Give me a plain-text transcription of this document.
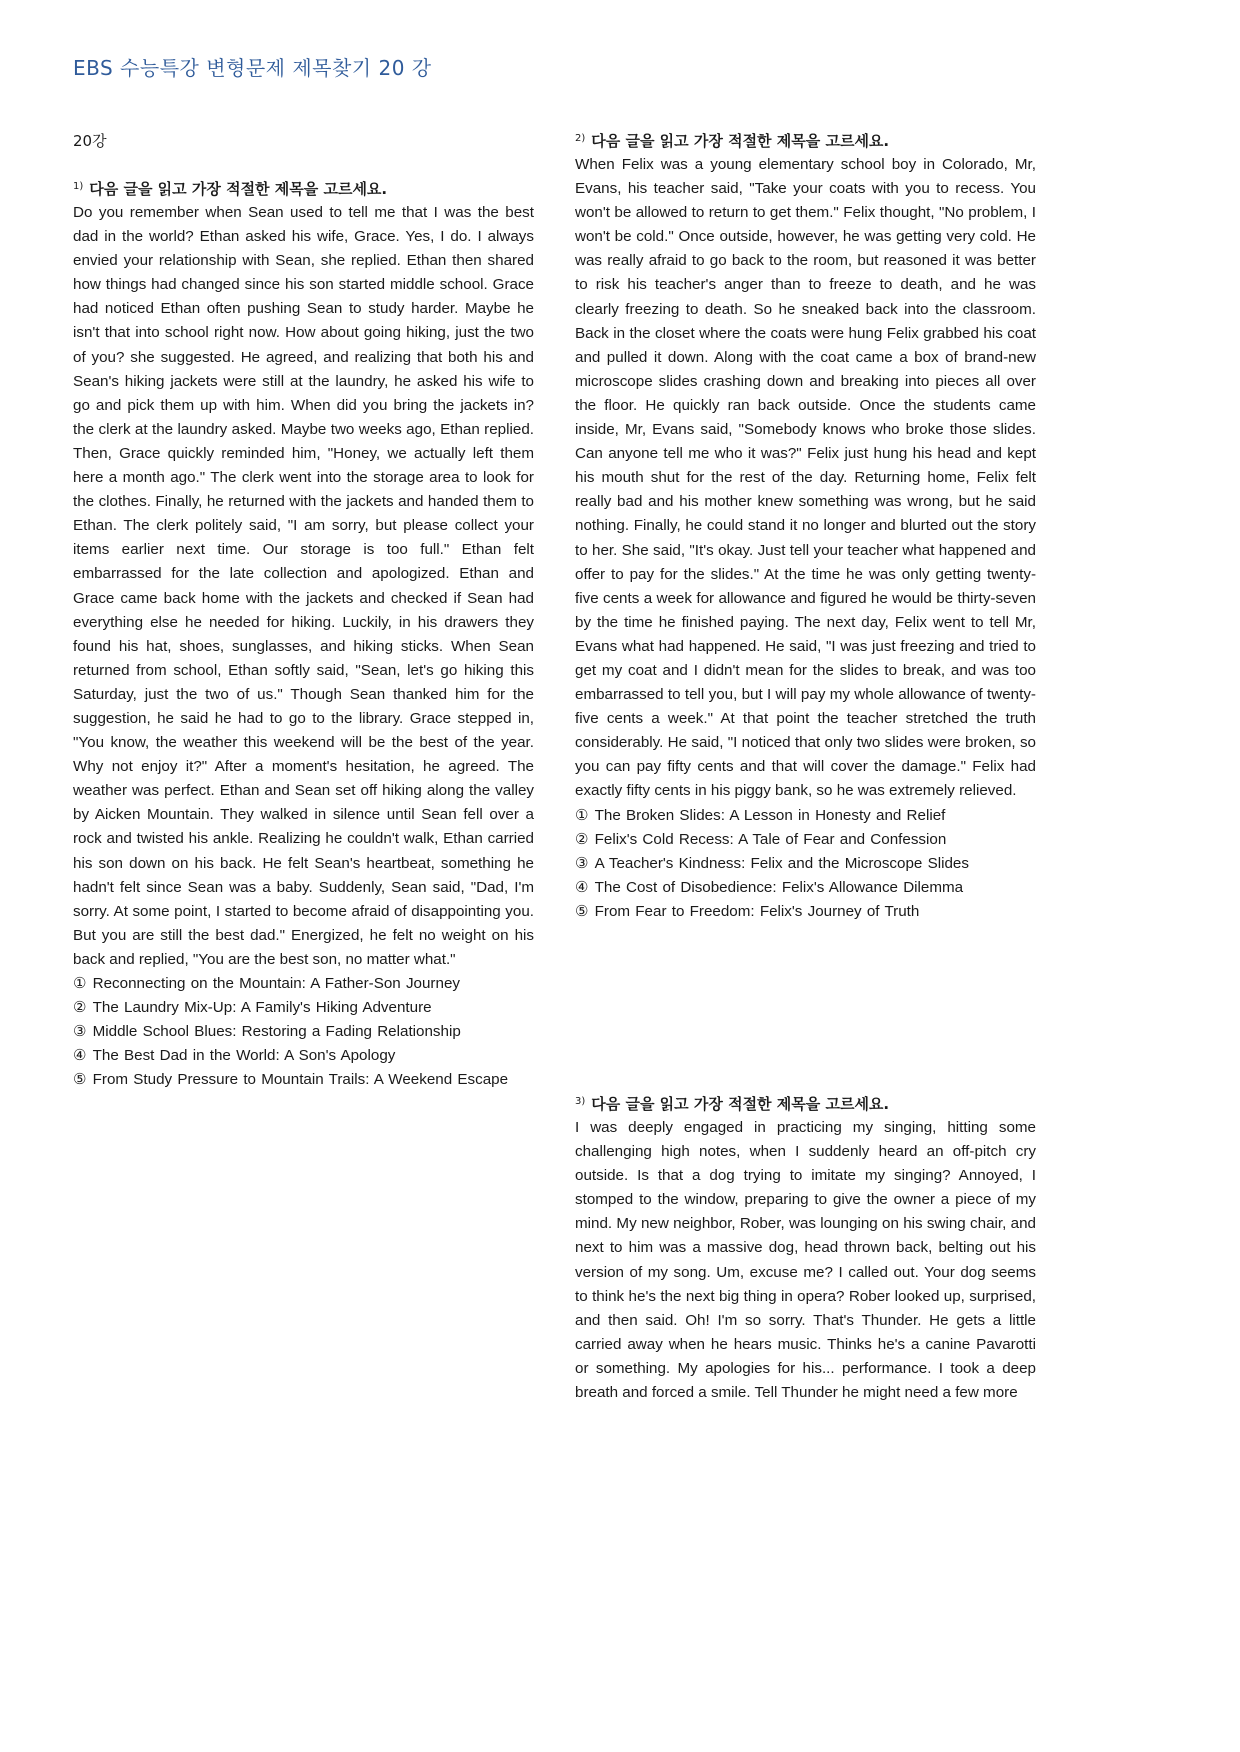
EBS 수능특강 변형문제 제목찾기 20 강
20강
$^{1)}$ 다음 글을 읽고 가장 적절한 제목을 고르세요.

Do you remember when Sean used to tell me that I was the best dad in the world? Ethan asked his wife, Grace. Yes, I do. I always envied your relationship with Sean, she replied. Ethan then shared how things had changed since his son started middle school. Grace had noticed Ethan often pushing Sean to study harder. Maybe he isn't that into school right now. How about going hiking, just the two of you? she suggested. He agreed, and realizing that both his and Sean's hiking jackets were still at the laundry, he asked his wife to go and pick them up with him. When did you bring the jackets in? the clerk at the laundry asked. Maybe two weeks ago, Ethan replied. Then, Grace quickly reminded him, "Honey, we actually left them here a month ago." The clerk went into the storage area to look for the clothes. Finally, he returned with the jackets and handed them to Ethan. The clerk politely said, "I am sorry, but please collect your items earlier next time. Our storage is too full." Ethan felt embarrassed for the late collection and apologized. Ethan and Grace came back home with the jackets and checked if Sean had everything else he needed for hiking. Luckily, in his drawers they found his hat, shoes, sunglasses, and hiking sticks. When Sean returned from school, Ethan softly said, "Sean, let's go hiking this Saturday, just the two of us." Though Sean thanked him for the suggestion, he said he had to go to the library. Grace stepped in, "You know, the weather this weekend will be the best of the year. Why not enjoy it?" After a moment's hesitation, he agreed. The weather was perfect. Ethan and Sean set off hiking along the valley by Aicken Mountain. They walked in silence until Sean fell over a rock and twisted his ankle. Realizing he couldn't walk, Ethan carried his son down on his back. He felt Sean's heartbeat, something he hadn't felt since Sean was a baby. Suddenly, Sean said, "Dad, I'm sorry. At some point, I started to become afraid of disappointing you. But you are still the best dad." Energized, he felt no weight on his back and replied, "You are the best son, no matter what."

① Reconnecting on the Mountain: A Father-Son Journey
② The Laundry Mix-Up: A Family's Hiking Adventure
③ Middle School Blues: Restoring a Fading Relationship
④ The Best Dad in the World: A Son's Apology
⑤ From Study Pressure to Mountain Trails: A Weekend Escape
$^{2)}$ 다음 글을 읽고 가장 적절한 제목을 고르세요.

When Felix was a young elementary school boy in Colorado, Mr, Evans, his teacher said, "Take your coats with you to recess. You won't be allowed to return to get them." Felix thought, "No problem, I won't be cold." Once outside, however, he was getting very cold. He was really afraid to go back to the room, but reasoned it was better to risk his teacher's anger than to freeze to death, and he was clearly freezing to death. So he sneaked back into the classroom. Back in the closet where the coats were hung Felix grabbed his coat and pulled it down. Along with the coat came a box of brand-new microscope slides crashing down and breaking into pieces all over the floor. He quickly ran back outside. Once the students came inside, Mr, Evans said, "Somebody knows who broke those slides. Can anyone tell me who it was?" Felix just hung his head and kept his mouth shut for the rest of the day. Returning home, Felix felt really bad and his mother knew something was wrong, but he said nothing. Finally, he could stand it no longer and blurted out the story to her. She said, "It's okay. Just tell your teacher what happened and offer to pay for the slides." At the time he was only getting twenty-five cents a week for allowance and figured he would be thirty-seven by the time he finished paying. The next day, Felix went to tell Mr, Evans what had happened. He said, "I was just freezing and tried to get my coat and I didn't mean for the slides to break, and was too embarrassed to tell you, but I will pay my whole allowance of twenty-five cents a week." At that point the teacher stretched the truth considerably. He said, "I noticed that only two slides were broken, so you can pay fifty cents and that will cover the damage." Felix had exactly fifty cents in his piggy bank, so he was extremely relieved.

① The Broken Slides: A Lesson in Honesty and Relief
② Felix's Cold Recess: A Tale of Fear and Confession
③ A Teacher's Kindness: Felix and the Microscope Slides
④ The Cost of Disobedience: Felix's Allowance Dilemma
⑤ From Fear to Freedom: Felix's Journey of Truth
$^{3)}$ 다음 글을 읽고 가장 적절한 제목을 고르세요.

I was deeply engaged in practicing my singing, hitting some challenging high notes, when I suddenly heard an off-pitch cry outside. Is that a dog trying to imitate my singing? Annoyed, I stomped to the window, preparing to give the owner a piece of my mind. My new neighbor, Rober, was lounging on his swing chair, and next to him was a massive dog, head thrown back, belting out his version of my song. Um, excuse me? I called out. Your dog seems to think he's the next big thing in opera? Rober looked up, surprised, and then said. Oh! I'm so sorry. That's Thunder. He gets a little carried away when he hears music. Thinks he's a canine Pavarotti or something. My apologies for his... performance. I took a deep breath and forced a smile. Tell Thunder he might need a few more
